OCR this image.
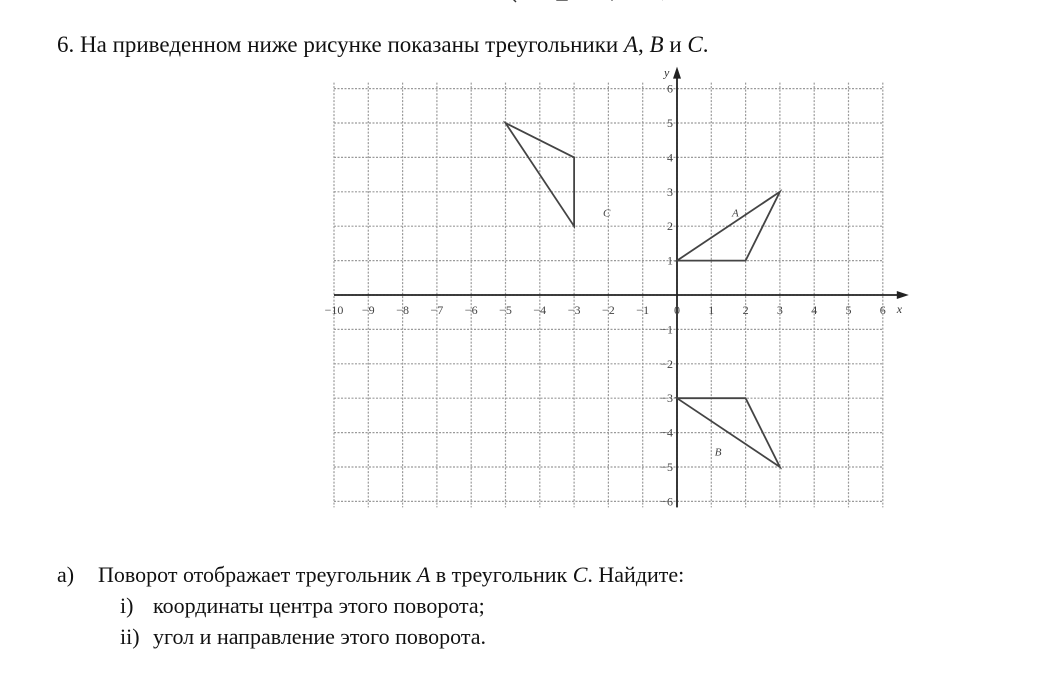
6. На приведенном ниже рисунке показаны треугольники A, B и C.
x
y
−10 −9 −8 −7 −6 −5 −4 −3 −2 −1 0 1 2 3 4 5 6
6
5
4
3
2
1
−1
−2
−3
−4
−5
−6
A
B
C
а) Поворот отображает треугольник A в треугольник C. Найдите:
i) координаты центра этого поворота;
ii) угол и направление этого поворота.
